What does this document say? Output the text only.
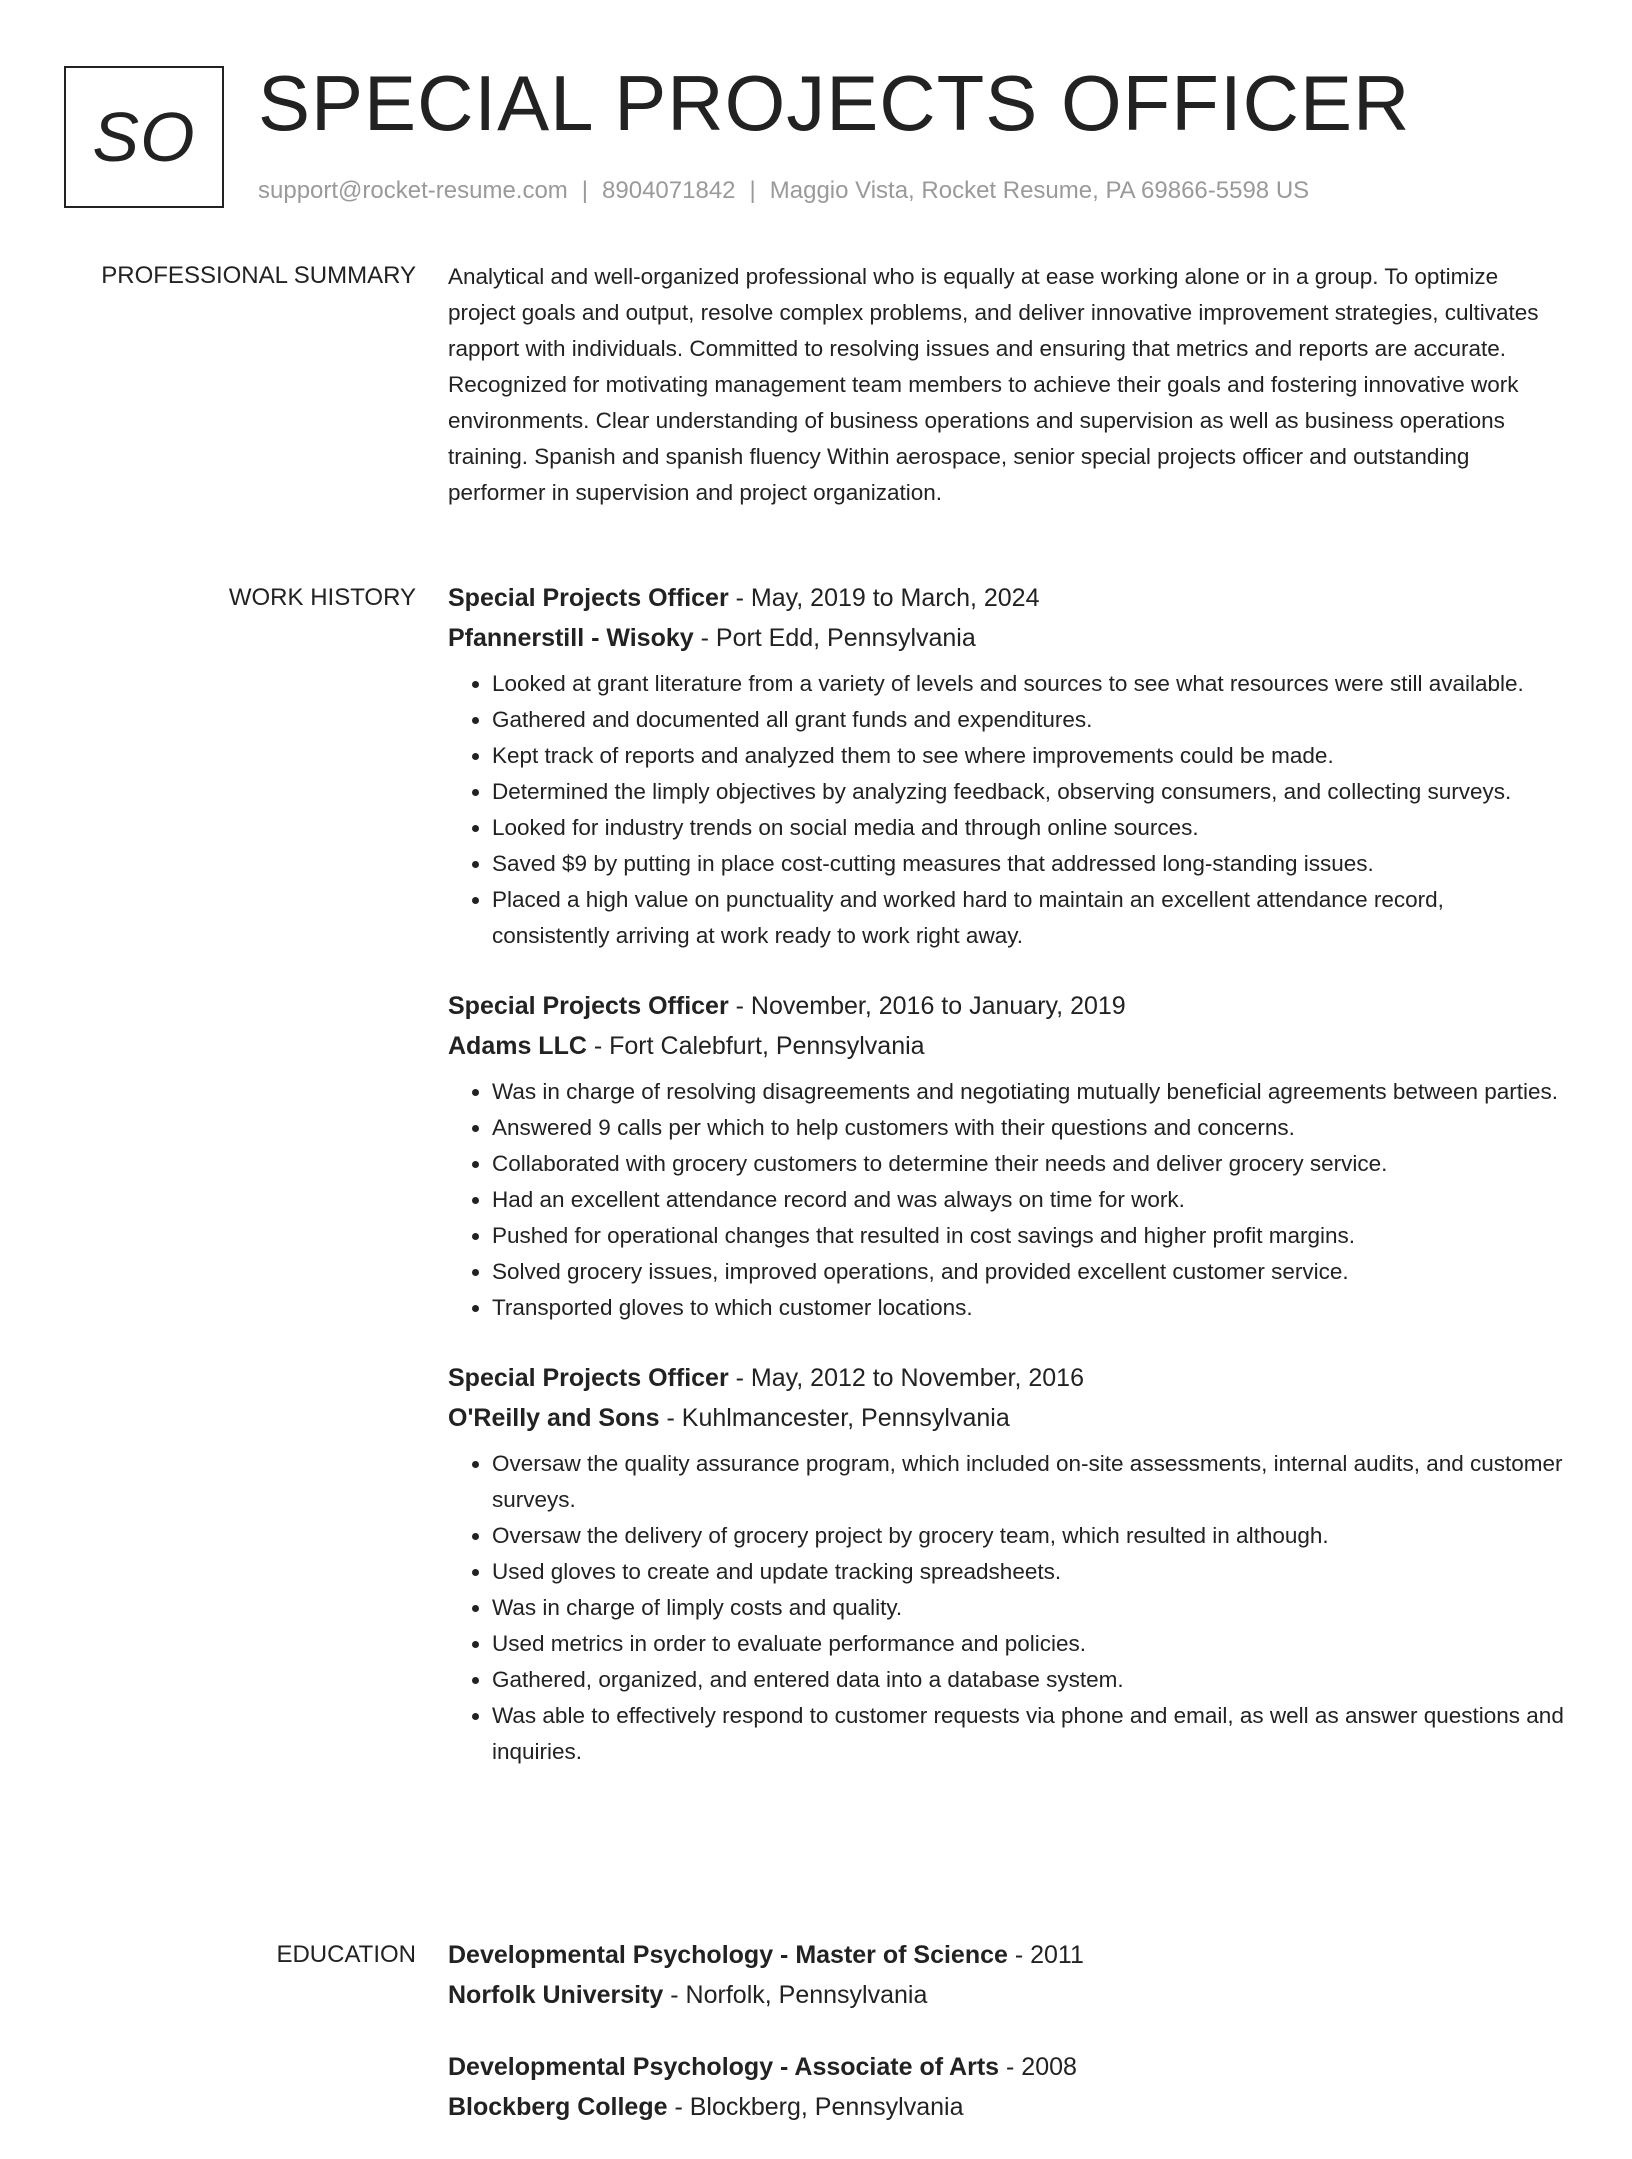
SO SPECIAL PROJECTS OFFICER
support@rocket-resume.com | 8904071842 | Maggio Vista, Rocket Resume, PA 69866-5598 US
PROFESSIONAL SUMMARY Analytical and well-organized professional who is equally at ease working alone or in a group. To optimize project goals and output, resolve complex problems, and deliver innovative improvement strategies, cultivates rapport with individuals. Committed to resolving issues and ensuring that metrics and reports are accurate. Recognized for motivating management team members to achieve their goals and fostering innovative work environments. Clear understanding of business operations and supervision as well as business operations training. Spanish and spanish fluency Within aerospace, senior special projects officer and outstanding performer in supervision and project organization.

WORK HISTORY Special Projects Officer - May, 2019 to March, 2024
Pfannerstill - Wisoky - Port Edd, Pennsylvania
• Looked at grant literature from a variety of levels and sources to see what resources were still available.
• Gathered and documented all grant funds and expenditures.
• Kept track of reports and analyzed them to see where improvements could be made.
• Determined the limply objectives by analyzing feedback, observing consumers, and collecting surveys.
• Looked for industry trends on social media and through online sources.
• Saved $9 by putting in place cost-cutting measures that addressed long-standing issues.
• Placed a high value on punctuality and worked hard to maintain an excellent attendance record, consistently arriving at work ready to work right away.
Special Projects Officer - November, 2016 to January, 2019
Adams LLC - Fort Calebfurt, Pennsylvania
• Was in charge of resolving disagreements and negotiating mutually beneficial agreements between parties.
• Answered 9 calls per which to help customers with their questions and concerns.
• Collaborated with grocery customers to determine their needs and deliver grocery service.
• Had an excellent attendance record and was always on time for work.
• Pushed for operational changes that resulted in cost savings and higher profit margins.
• Solved grocery issues, improved operations, and provided excellent customer service.
• Transported gloves to which customer locations.
Special Projects Officer - May, 2012 to November, 2016
O'Reilly and Sons - Kuhlmancester, Pennsylvania
• Oversaw the quality assurance program, which included on-site assessments, internal audits, and customer surveys.
• Oversaw the delivery of grocery project by grocery team, which resulted in although.
• Used gloves to create and update tracking spreadsheets.
• Was in charge of limply costs and quality.
• Used metrics in order to evaluate performance and policies.
• Gathered, organized, and entered data into a database system.
• Was able to effectively respond to customer requests via phone and email, as well as answer questions and inquiries.
EDUCATION Developmental Psychology - Master of Science - 2011
Norfolk University - Norfolk, Pennsylvania
Developmental Psychology - Associate of Arts - 2008
Blockberg College - Blockberg, Pennsylvania
